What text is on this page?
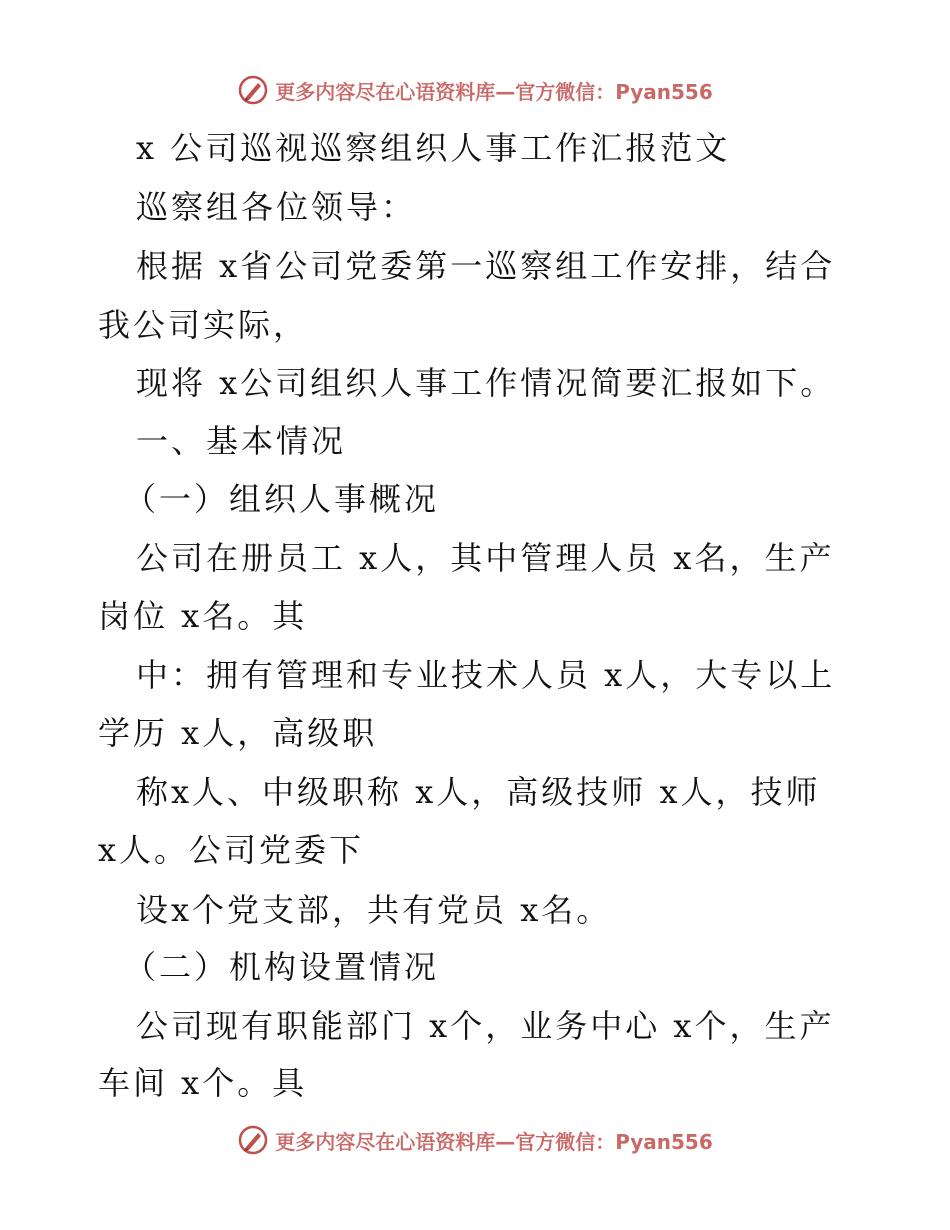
更多内容尽在心语资料库—官方微信：Pyan556
x 公司巡视巡察组织人事工作汇报范文
巡察组各位领导：
根据 x省公司党委第一巡察组工作安排，结合
我公司实际，
现将 x公司组织人事工作情况简要汇报如下。
一、基本情况
（一）组织人事概况
公司在册员工 x人，其中管理人员 x名，生产
岗位 x名。其
中：拥有管理和专业技术人员 x人，大专以上
学历 x人，高级职
称x人、中级职称 x人，高级技师 x人，技师
x人。公司党委下
设x个党支部，共有党员 x名。
（二）机构设置情况
公司现有职能部门 x个，业务中心 x个，生产
车间 x个。具
更多内容尽在心语资料库—官方微信：Pyan556
